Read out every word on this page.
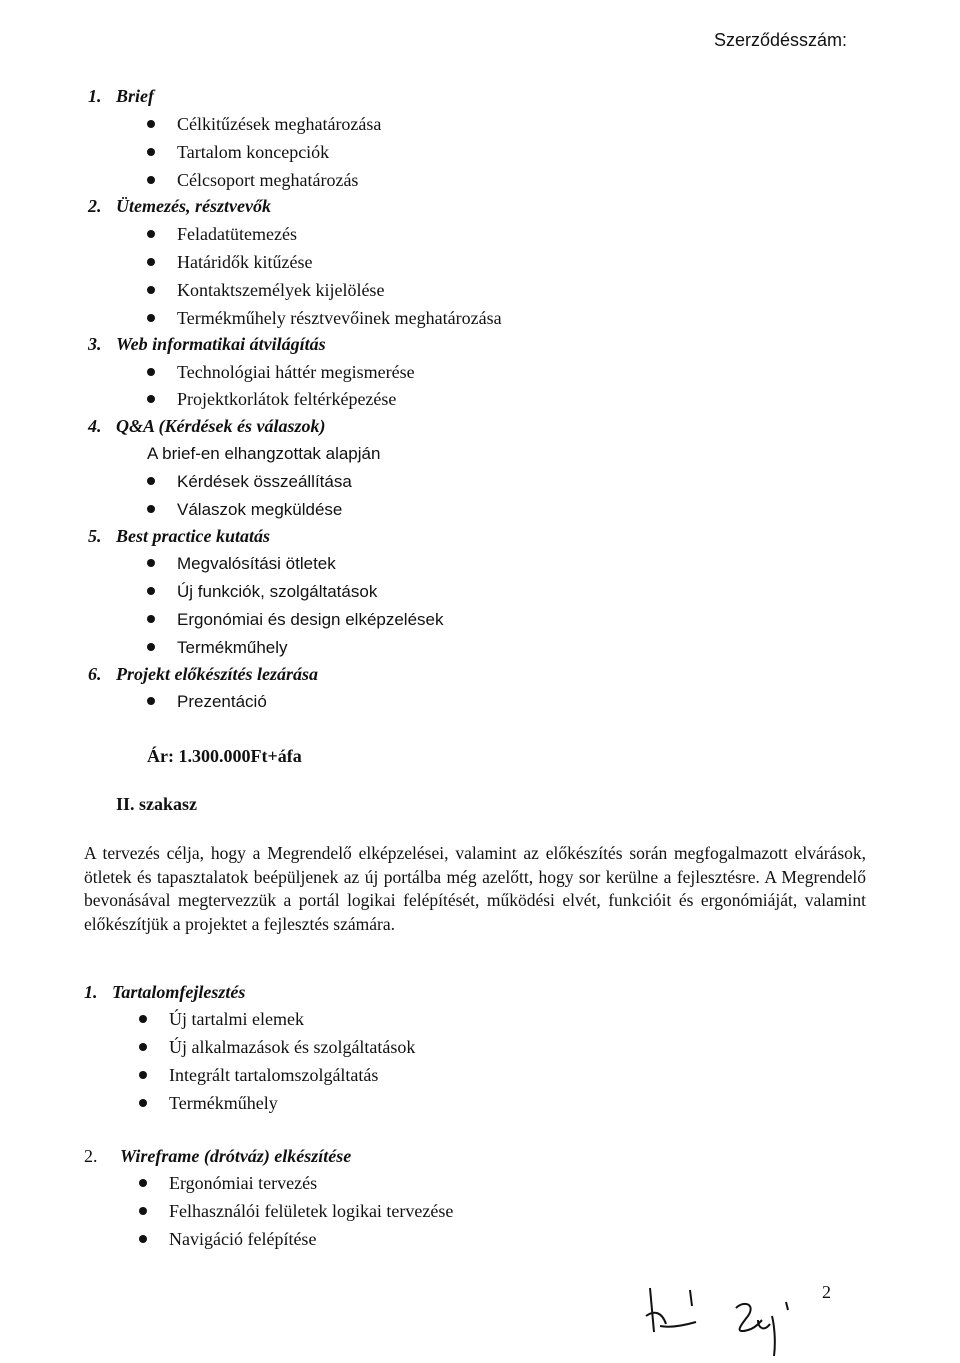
Szerződésszám:
1. Brief
Célkitűzések meghatározása
Tartalom koncepciók
Célcsoport meghatározás
2. Ütemezés, résztvevők
Feladatütemezés
Határidők kitűzése
Kontaktszemélyek kijelölése
Termékműhely résztvevőinek meghatározása
3. Web informatikai átvilágítás
Technológiai háttér megismerése
Projektkorlátok feltérképezése
4. Q&A (Kérdések és válaszok)
A brief-en elhangzottak alapján
Kérdések összeállítása
Válaszok megküldése
5. Best practice kutatás
Megvalósítási ötletek
Új funkciók, szolgáltatások
Ergonómiai és design elképzelések
Termékműhely
6. Projekt előkészítés lezárása
Prezentáció
Ár: 1.300.000Ft+áfa
II. szakasz

A tervezés célja, hogy a Megrendelő elképzelései, valamint az előkészítés során megfogalmazott elvárások, ötletek és tapasztalatok beépüljenek az új portálba még azelőtt, hogy sor kerülne a fejlesztésre. A Megrendelő bevonásával megtervezzük a portál logikai felépítését, működési elvét, funkcióit és ergonómiáját, valamint előkészítjük a projektet a fejlesztés számára.

1. Tartalomfejlesztés
Új tartalmi elemek
Új alkalmazások és szolgáltatások
Integrált tartalomszolgáltatás
Termékműhely
2. Wireframe (drótváz) elkészítése
Ergonómiai tervezés
Felhasználói felületek logikai tervezése
Navigáció felépítése
2
